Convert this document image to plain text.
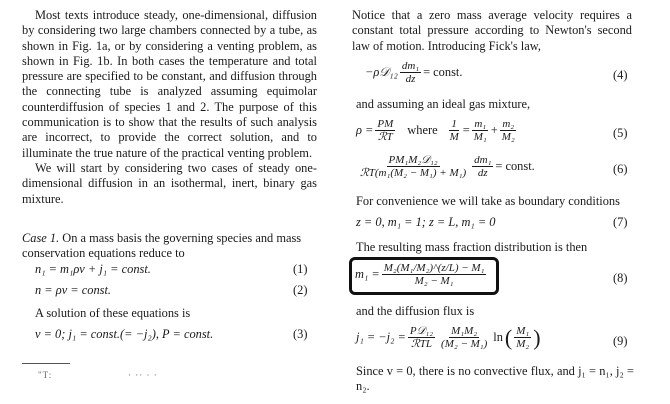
Most texts introduce steady, one-dimensional, diffusion by considering two large chambers connected by a tube, as shown in Fig. 1a, or by considering a venting problem, as shown in Fig. 1b. In both cases the temperature and total pressure are specified to be constant, and diffusion through the connecting tube is analyzed assuming equimolar counterdiffusion of species 1 and 2. The purpose of this communication is to show that the results of such analysis are incorrect, to provide the correct solution, and to illuminate the true nature of the practical venting problem.

We will start by considering two cases of steady one-dimensional diffusion in an isothermal, inert, binary gas mixture.

Case 1. On a mass basis the governing species and mass conservation equations reduce to
n₁ = m₁ρv + j₁ = const.	(1)
n = ρv = const.	(2)
A solution of these equations is
v = 0; j₁ = const.(= −j₂), P = const.	(3)
"T:	· ·· · ·

Notice that a zero mass average velocity requires a constant total pressure according to Newton's second law of motion. Introducing Fick's law,

−ρ𝒟₁₂ $\frac{\text{dm₁}}{dz}$ = const.	(4)
and assuming an ideal gas mixture,
$\rho = \frac{PM}{\text{ℛT}}$ where $\frac{1}{M} = \frac{\text{m₁}}{\text{M₁}} + \frac{\text{m₂}}{\text{M₂}}$	(5)
$\frac{\text{PM₁M₂𝒟₁₂}}{\text{ℛT(m₁(M₂ − M₁) + M₁)}} \frac{\text{dm₁}}{dz}$ = const.	(6)
For convenience we will take as boundary conditions
z = 0, m₁ = 1; z = L, m₁ = 0	(7)
The resulting mass fraction distribution is then
$m_1 = \frac{\text{M₂(M₁/M₂)\textasciicircum{}(z/L) − M₁}}{\text{M₂ − M₁}}$	(8)
and the diffusion flux is
$j_1 = -j_2 = \frac{\text{P𝒟₁₂}}{\text{ℛTL}} \frac{\text{M₁M₂}}{\text{(M₂ − M₁)}}$ ln ( $\frac{\text{M₁}}{\text{M₂}}$ )	(9)
Since v = 0, there is no convective flux, and j₁ = n₁, j₂ = n₂.
